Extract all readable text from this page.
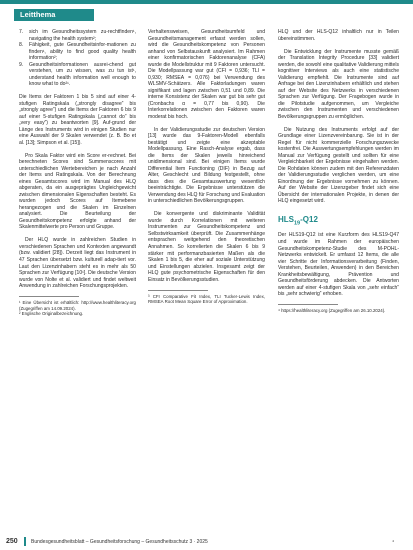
Leitthema
7. sich im Gesundheitssystem zu-rechtfinden¹, navigating the health system²;
8. Fähigkeit, gute Gesundheitsinfor-mationen zu finden¹, ability to find good quality health information²;
9. Gesundheitsinformationen ausrei-chend gut verstehen, um zu wissen, was zu tun ist¹, understand health information well enough to know what to do²¹.

Die Items der Faktoren 1 bis 5 sind auf einer 4-stufigen Ratingskala („strongly disagree“ bis „strongly agree“) und die Items der Faktoren 6 bis 9 auf einer 5-stufigen Ratingskala („cannot do“ bis „very easy“) zu beantworten [9]. Auf-grund der Länge des Instruments wird in einigen Studien nur eine Auswahl der 9 Skalen verwendet (z. B. Bo et al. [13]; Simpson et al. [15]).

Pro Skala Faktor wird ein Score er-rechnet. Bei berechneten Scores sind Summenscores mit unterschiedlichen Wertebereichen je nach Anzahl der Items und Ratingskala. Von der Berechnung eines Gesamtscores wird im Manual des HLQ abgeraten, da ein ausgeprägtes Ungleichgewicht zwischen dimensionalen Eigenschaften besteht. Es wurden jedoch Scores auf Itemebene herangezogen und die Skalen im Einzelnen analysiert. Die Beurteilung der Gesundheitskompetenz erfolgte anhand der Skalenmittelwerte pro Person und Gruppe.

Der HLQ wurde in zahlreichen Studien in verschiedenen Sprachen und Kontexten angewandt (bzw. validiert [28]). Derzeit liegt das Instrument in 47 Sprachen übersetzt bzw. kulturell adap-tiert vor. Laut den Lizenzinhabern steht es in mehr als 50 Sprachen zur Verfügung [10¹]. Die deutsche Version wurde von Nolte et al. validiert und findet weltweit Anwendung in zahlreichen Forschungsprojekten.

¹ Eine Übersicht ist erhältlich: http://www.healthliteracy.org (Zugegriffen am 14.09.2024).

² Englische Originalbezeichnung.

Verhaltensweisen, Gesundheitsumfeld und Gesundheitsmanagement erfasst werden sollen, wird die Gesundheitskompetenz von Personen anhand von Selbstauskunft analysiert. Im Rahmen einer konfirmatorischen Faktorenanalyse (CFA) wurde die Modellstruktur mit 9 Faktoren untersucht. Die Modellpassung war gut (CFI = 0,936; TLI = 0,930; RMSEA = 0,076) bei Verwendung des WLSMV-Schätzers. Alle Faktorladungen waren signifikant und lagen zwischen 0,51 und 0,89. Die interne Konsistenz der Skalen war gut bis sehr gut (Cronbachs α = 0,77 bis 0,90). Die Interkorrelationen zwischen den Faktoren waren moderat bis hoch.

In der Validierungsstudie zur deutschen Version [13] wurde das 9-Faktoren-Modell ebenfalls bestätigt und zeigte eine akzeptable Modellpassung. Eine Rasch-Analyse ergab, dass die Items der Skalen jeweils hinreichend unidimensional sind. Bei einigen Items wurde Differential Item Functioning (DIF) in Bezug auf Alter, Geschlecht und Bildung festgestellt, ohne dass dies die Gesamtauswertung wesentlich beeinträchtigte. Die Ergebnisse unterstützen die Verwendung des HLQ für Forschung und Evaluation in unterschiedlichen Bevölkerungsgruppen.

Die konvergente und diskriminante Validität wurde durch Korrelationen mit weiteren Instrumenten zur Gesundheitskompetenz und Selbstwirksamkeit überprüft. Die Zusammenhänge entsprachen weitgehend den theoretischen Annahmen. So korrelierten die Skalen 6 bis 9 stärker mit performanzbasierten Maßen als die Skalen 1 bis 5, die eher auf soziale Unterstützung und Einstellungen abzielen. Insgesamt zeigt der HLQ gute psychometrische Eigenschaften für den Einsatz in Bevölkerungsstudien.

³ CFI Comparative Fit Index, TLI Tucker-Lewis Index, RMSEA Root Mean Square Error of Approximation.

HLQ und der HLS-Q12 inhaltlich nur in Teilen übereinstimmen.

Die Entwicklung der Instrumente musste gemäß der Translation Integrity Procedure [33] validiert werden, die sowohl eine qualitative Validierung mittels kognitiver Interviews als auch eine statistische Validierung empfiehlt. Die Instrumente sind auf Anfrage bei den Lizenzinhabern erhältlich und stehen auf der Website des Netzwerks in verschiedenen Sprachen zur Verfügung. Der Fragebogen wurde in die Pilotstudie aufgenommen, um Vergleiche zwischen den Instrumenten und verschiedenen Bevölkerungsgruppen zu ermöglichen.

Die Nutzung des Instruments erfolgt auf der Grundlage einer Lizenzvereinbarung. Sie ist in der Regel für nicht kommerzielle Forschungszwecke kostenfrei. Die Auswertungsempfehlungen werden im Manual zur Verfügung gestellt und sollten für eine Vergleichbarkeit der Ergebnisse eingehalten werden. Die Rohdaten können zudem mit den Referenzdaten der Validierungsstudie verglichen werden, um eine Einordnung der Ergebnisse vornehmen zu können. Auf der Website der Lizenzgeber findet sich eine Übersicht der internationalen Projekte, in denen der HLQ eingesetzt wird.

$HLS_{19}-Q12$

Der HLS19-Q12 ist eine Kurzform des HLS19-Q47 und wurde im Rahmen der europäischen Gesundheitskompetenz-Studie des M-POHL-Netzwerks entwickelt. Er umfasst 12 Items, die alle vier Schritte der Informationsverarbeitung (Finden, Verstehen, Beurteilen, Anwenden) in den Bereichen Krankheitsbewältigung, Prävention und Gesundheitsförderung abdecken. Die Antworten werden auf einer 4-stufigen Skala von „sehr einfach“ bis „sehr schwierig“ erhoben.

⁴ https://healthliteracy.org (Zugegriffen am 26.10.2024).

250	Bundesgesundheitsblatt – Gesundheitsforschung – Gesundheitsschutz 3 · 2025	⁴
